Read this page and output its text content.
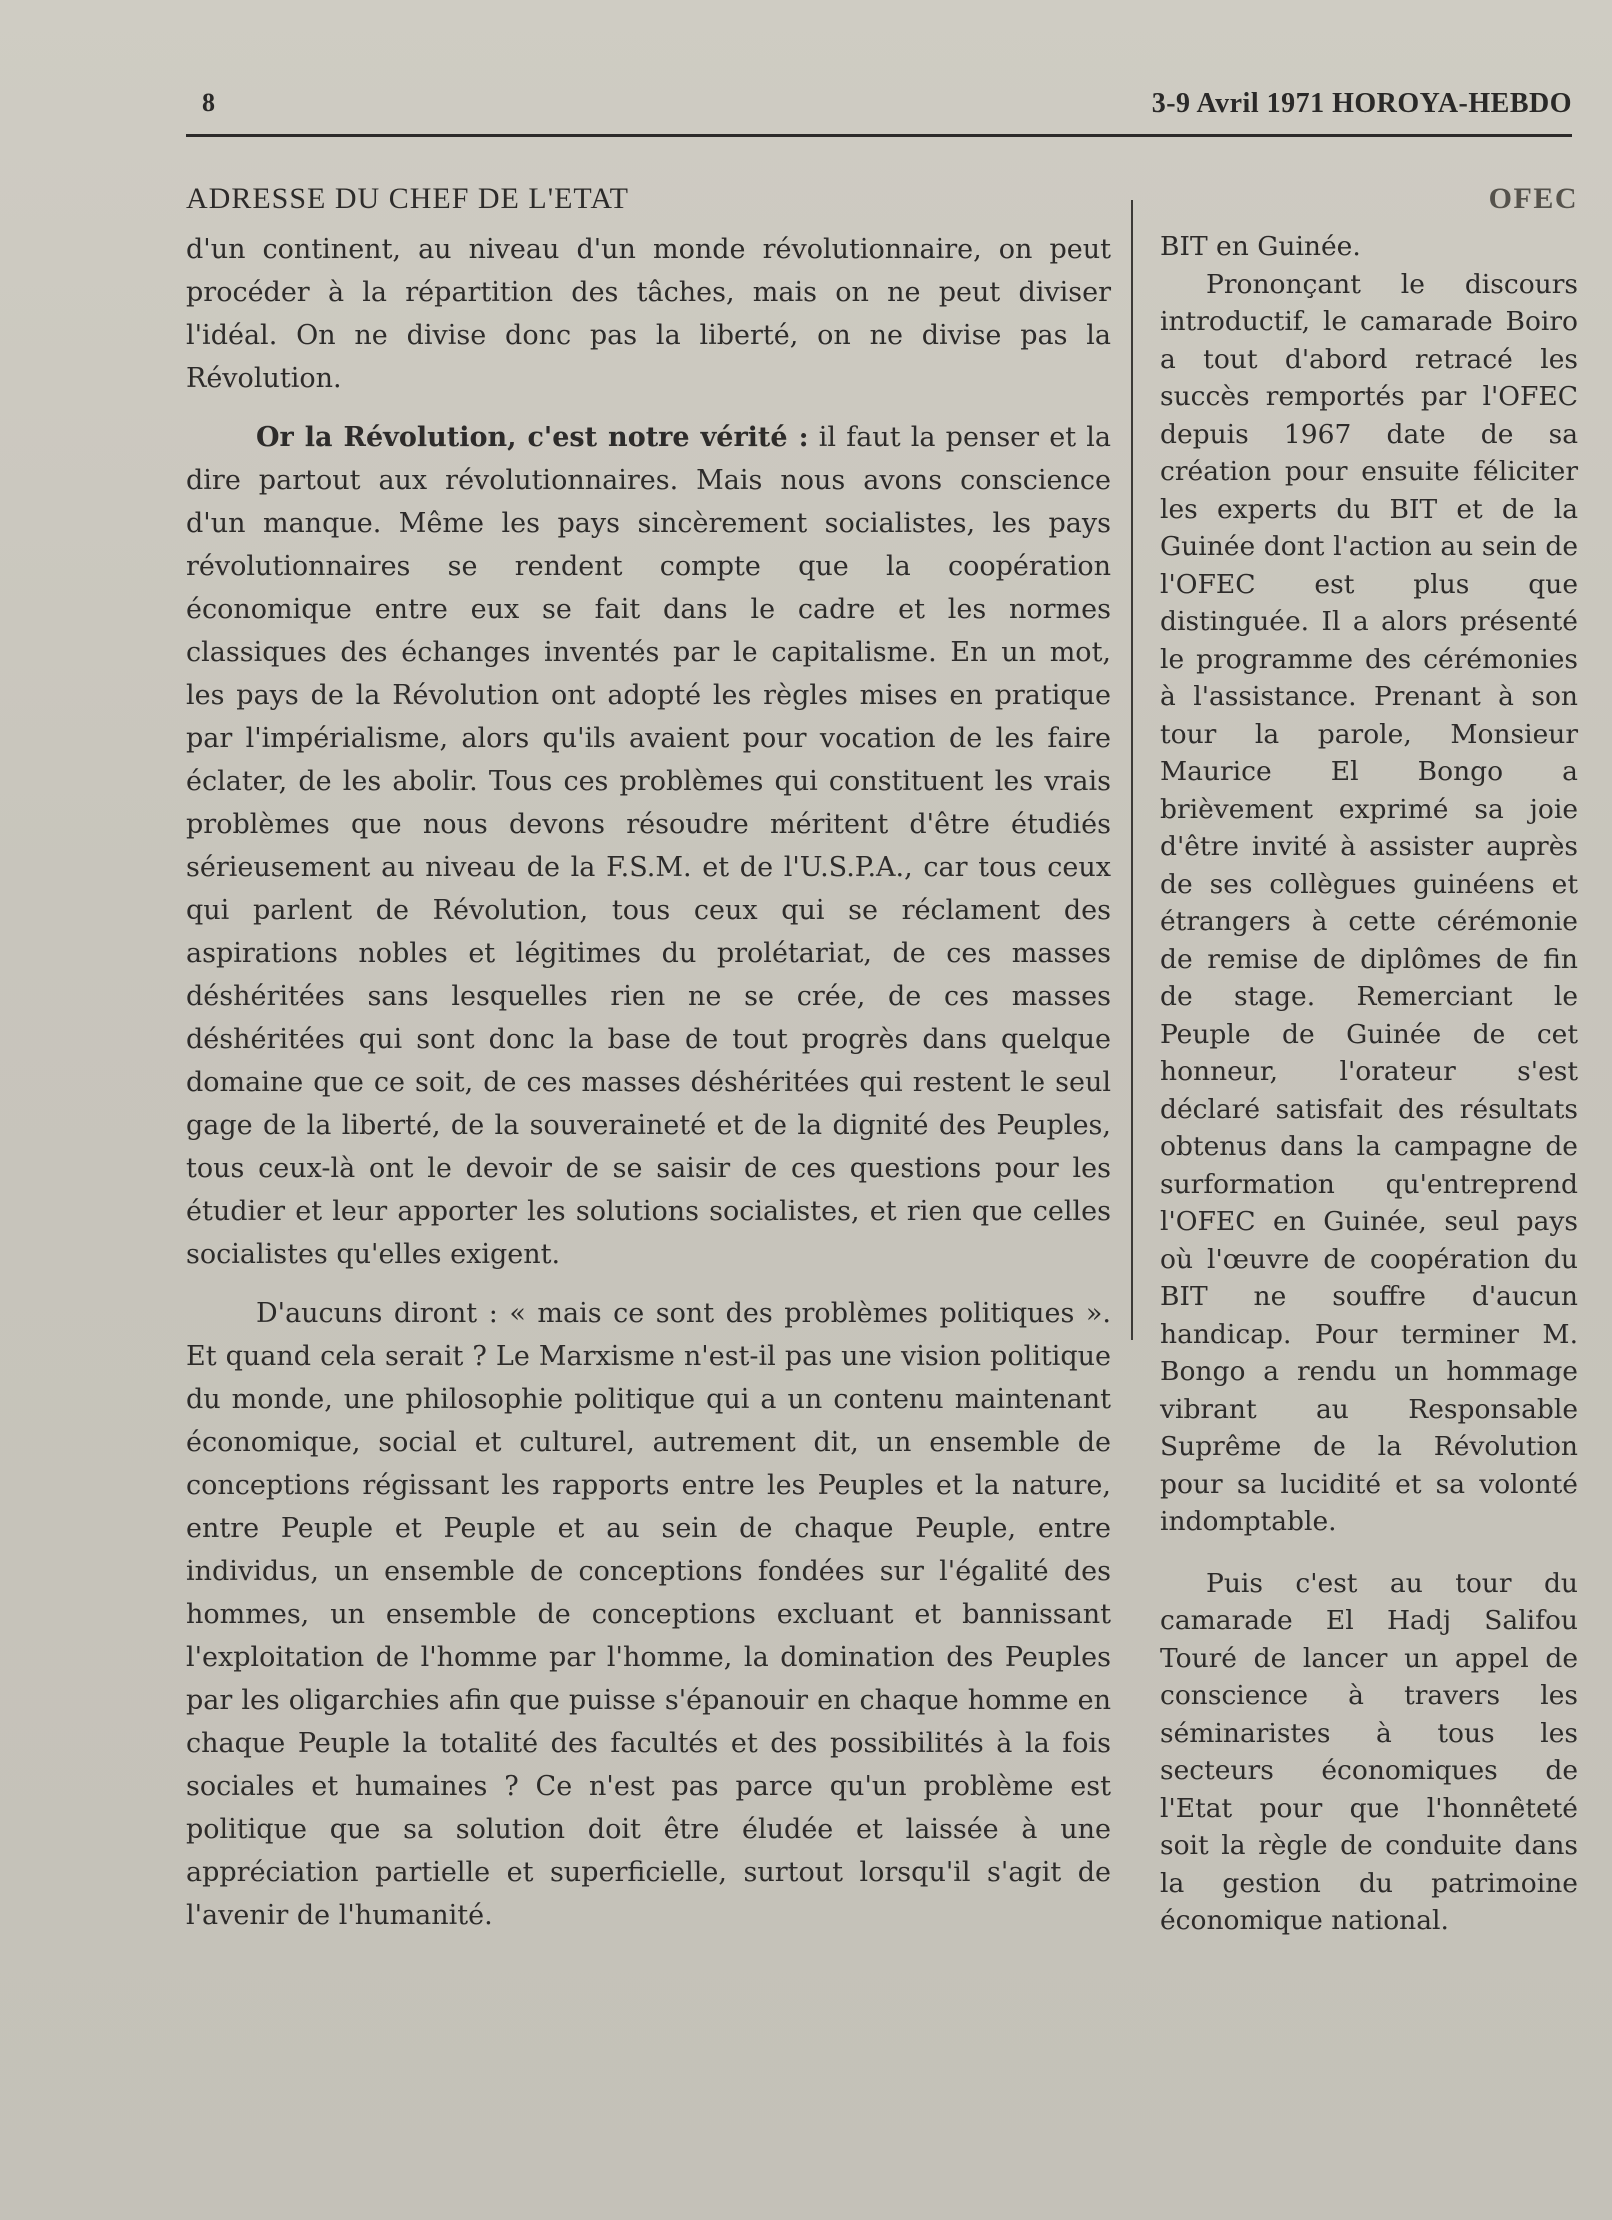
8	3-9 Avril 1971 HOROYA-HEBDO
ADRESSE DU CHEF DE L'ETAT

d'un continent, au niveau d'un monde révolutionnaire, on peut procéder à la répartition des tâches, mais on ne peut diviser l'idéal. On ne divise donc pas la liberté, on ne divise pas la Révolution.

Or la Révolution, c'est notre vérité : il faut la penser et la dire partout aux révolutionnaires. Mais nous avons conscience d'un manque. Même les pays sincèrement socialistes, les pays révolutionnaires se rendent compte que la coopération économique entre eux se fait dans le cadre et les normes classiques des échanges inventés par le capitalisme. En un mot, les pays de la Révolution ont adopté les règles mises en pratique par l'impérialisme, alors qu'ils avaient pour vocation de les faire éclater, de les abolir. Tous ces problèmes qui constituent les vrais problèmes que nous devons résoudre méritent d'être étudiés sérieusement au niveau de la F.S.M. et de l'U.S.P.A., car tous ceux qui parlent de Révolution, tous ceux qui se réclament des aspirations nobles et légitimes du prolétariat, de ces masses déshéritées sans lesquelles rien ne se crée, de ces masses déshéritées qui sont donc la base de tout progrès dans quelque domaine que ce soit, de ces masses déshéritées qui restent le seul gage de la liberté, de la souveraineté et de la dignité des Peuples, tous ceux-là ont le devoir de se saisir de ces questions pour les étudier et leur apporter les solutions socialistes, et rien que celles socialistes qu'elles exigent.

D'aucuns diront : « mais ce sont des problèmes politiques ». Et quand cela serait ? Le Marxisme n'est-il pas une vision politique du monde, une philosophie politique qui a un contenu maintenant économique, social et culturel, autrement dit, un ensemble de conceptions régissant les rapports entre les Peuples et la nature, entre Peuple et Peuple et au sein de chaque Peuple, entre individus, un ensemble de conceptions fondées sur l'égalité des hommes, un ensemble de conceptions excluant et bannissant l'exploitation de l'homme par l'homme, la domination des Peuples par les oligarchies afin que puisse s'épanouir en chaque homme en chaque Peuple la totalité des facultés et des possibilités à la fois sociales et humaines ? Ce n'est pas parce qu'un problème est politique que sa solution doit être éludée et laissée à une appréciation partielle et superficielle, surtout lorsqu'il s'agit de l'avenir de l'humanité.

OFEC

BIT en Guinée.

Prononçant le discours introductif, le camarade Boiro a tout d'abord retracé les succès remportés par l'OFEC depuis 1967 date de sa création pour ensuite féliciter les experts du BIT et de la Guinée dont l'action au sein de l'OFEC est plus que distinguée. Il a alors présenté le programme des cérémonies à l'assistance. Prenant à son tour la parole, Monsieur Maurice El Bongo a brièvement exprimé sa joie d'être invité à assister auprès de ses collègues guinéens et étrangers à cette cérémonie de remise de diplômes de fin de stage. Remerciant le Peuple de Guinée de cet honneur, l'orateur s'est déclaré satisfait des résultats obtenus dans la campagne de surformation qu'entreprend l'OFEC en Guinée, seul pays où l'œuvre de coopération du BIT ne souffre d'aucun handicap. Pour terminer M. Bongo a rendu un hommage vibrant au Responsable Suprême de la Révolution pour sa lucidité et sa volonté indomptable.

Puis c'est au tour du camarade El Hadj Salifou Touré de lancer un appel de conscience à travers les séminaristes à tous les secteurs économiques de l'Etat pour que l'honnêteté soit la règle de conduite dans la gestion du patrimoine économique national.
